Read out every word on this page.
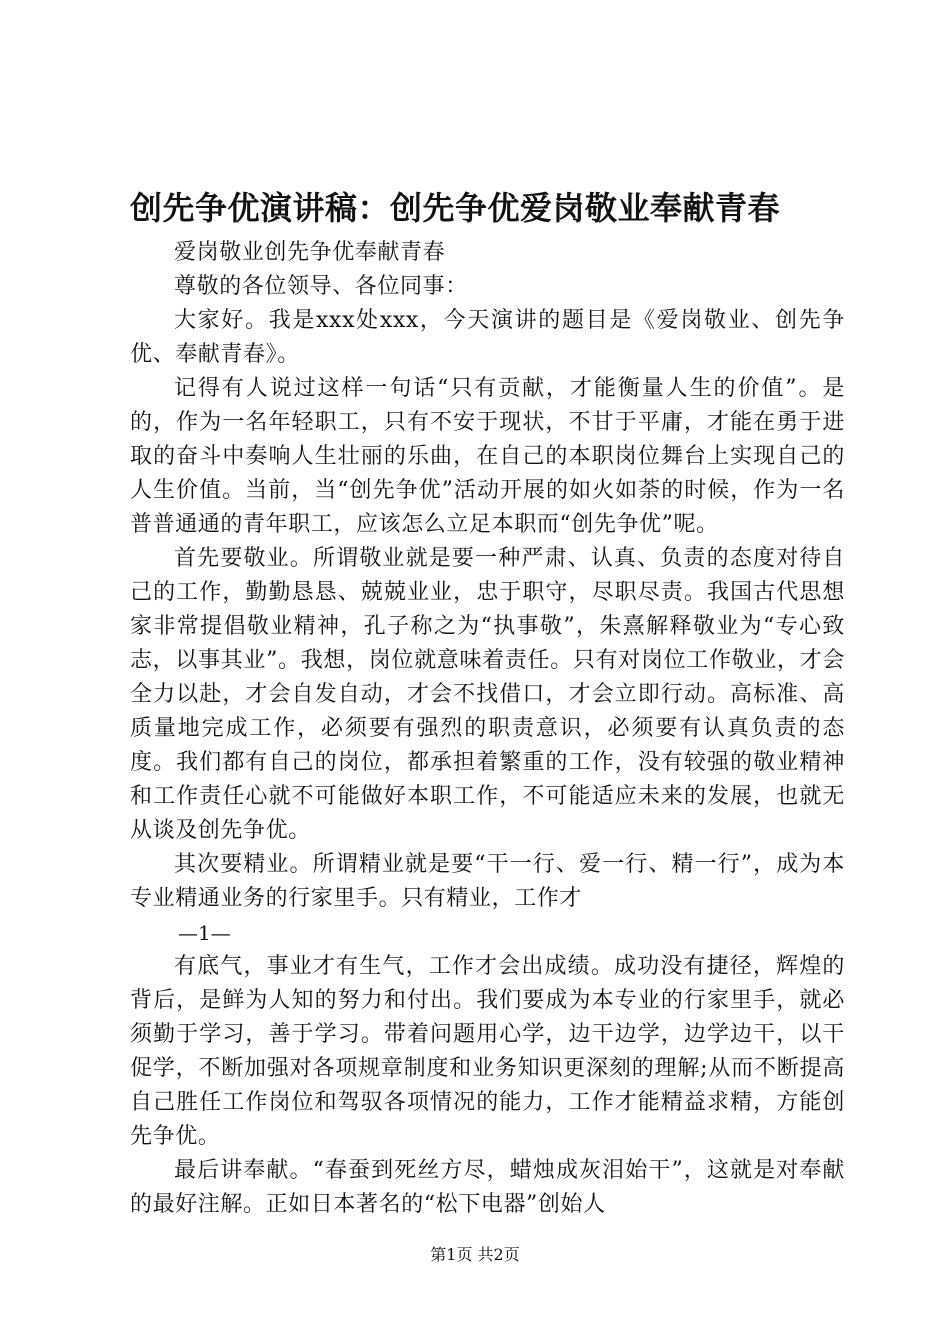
创先争优演讲稿：创先争优爱岗敬业奉献青春

爱岗敬业创先争优奉献青春

尊敬的各位领导、各位同事：

大家好。我是xxx处xxx，今天演讲的题目是《爱岗敬业、创先争优、奉献青春》。

记得有人说过这样一句话“只有贡献，才能衡量人生的价值”。是的，作为一名年轻职工，只有不安于现状，不甘于平庸，才能在勇于进取的奋斗中奏响人生壮丽的乐曲，在自己的本职岗位舞台上实现自己的人生价值。当前，当“创先争优”活动开展的如火如荼的时候，作为一名普普通通的青年职工，应该怎么立足本职而“创先争优”呢。

首先要敬业。所谓敬业就是要一种严肃、认真、负责的态度对待自己的工作，勤勤恳恳、兢兢业业，忠于职守，尽职尽责。我国古代思想家非常提倡敬业精神，孔子称之为“执事敬”，朱熹解释敬业为“专心致志，以事其业”。我想，岗位就意味着责任。只有对岗位工作敬业，才会全力以赴，才会自发自动，才会不找借口，才会立即行动。高标准、高质量地完成工作，必须要有强烈的职责意识，必须要有认真负责的态度。我们都有自己的岗位，都承担着繁重的工作，没有较强的敬业精神和工作责任心就不可能做好本职工作，不可能适应未来的发展，也就无从谈及创先争优。

其次要精业。所谓精业就是要“干一行、爱一行、精一行”，成为本专业精通业务的行家里手。只有精业，工作才

—1—

有底气，事业才有生气，工作才会出成绩。成功没有捷径，辉煌的背后，是鲜为人知的努力和付出。我们要成为本专业的行家里手，就必须勤于学习，善于学习。带着问题用心学，边干边学，边学边干，以干促学，不断加强对各项规章制度和业务知识更深刻的理解;从而不断提高自己胜任工作岗位和驾驭各项情况的能力，工作才能精益求精，方能创先争优。

最后讲奉献。“春蚕到死丝方尽，蜡烛成灰泪始干”，这就是对奉献的最好注解。正如日本著名的“松下电器”创始人

第1页 共2页
